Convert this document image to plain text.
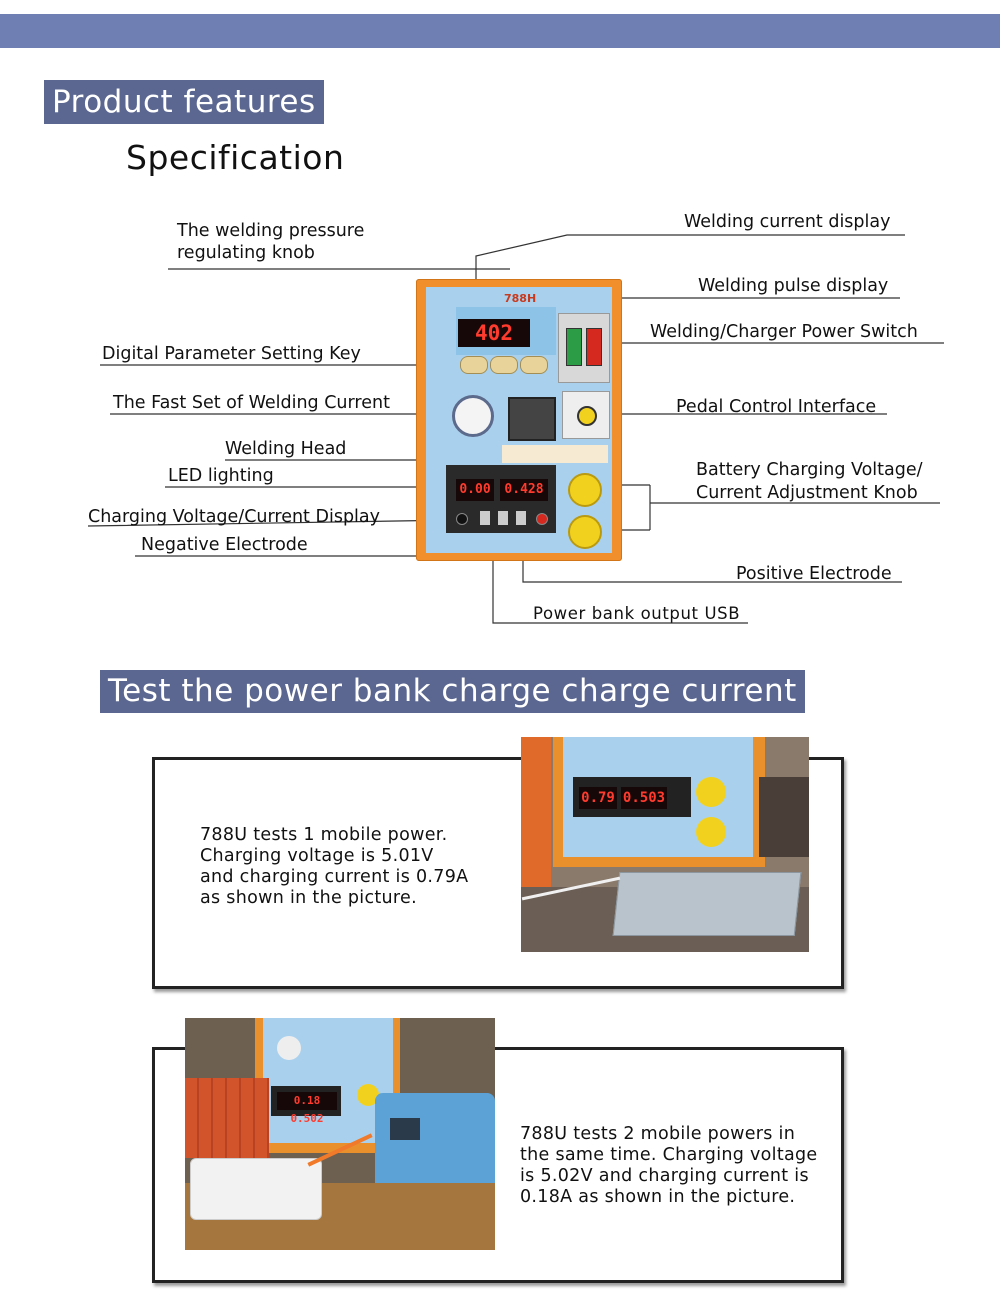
Product features
Specification
The welding pressure
regulating knob
Welding current display
Welding pulse display
Welding/Charger Power Switch
Digital Parameter Setting Key
The Fast Set of Welding Current	Pedal Control Interface
Welding Head
LED lighting	Battery Charging Voltage/
Current Adjustment Knob
Charging Voltage/Current Display
Negative Electrode
Positive Electrode
Power bank output USB
788H
402
0.00	0.428
Test the power bank charge charge current
788U tests 1 mobile power.
Charging voltage is 5.01V
and charging current is 0.79A
as shown in the picture.
0.79 0.503
0.18 0.502
788U tests 2 mobile powers in
the same time. Charging voltage
is 5.02V and charging current is
0.18A as shown in the picture.
